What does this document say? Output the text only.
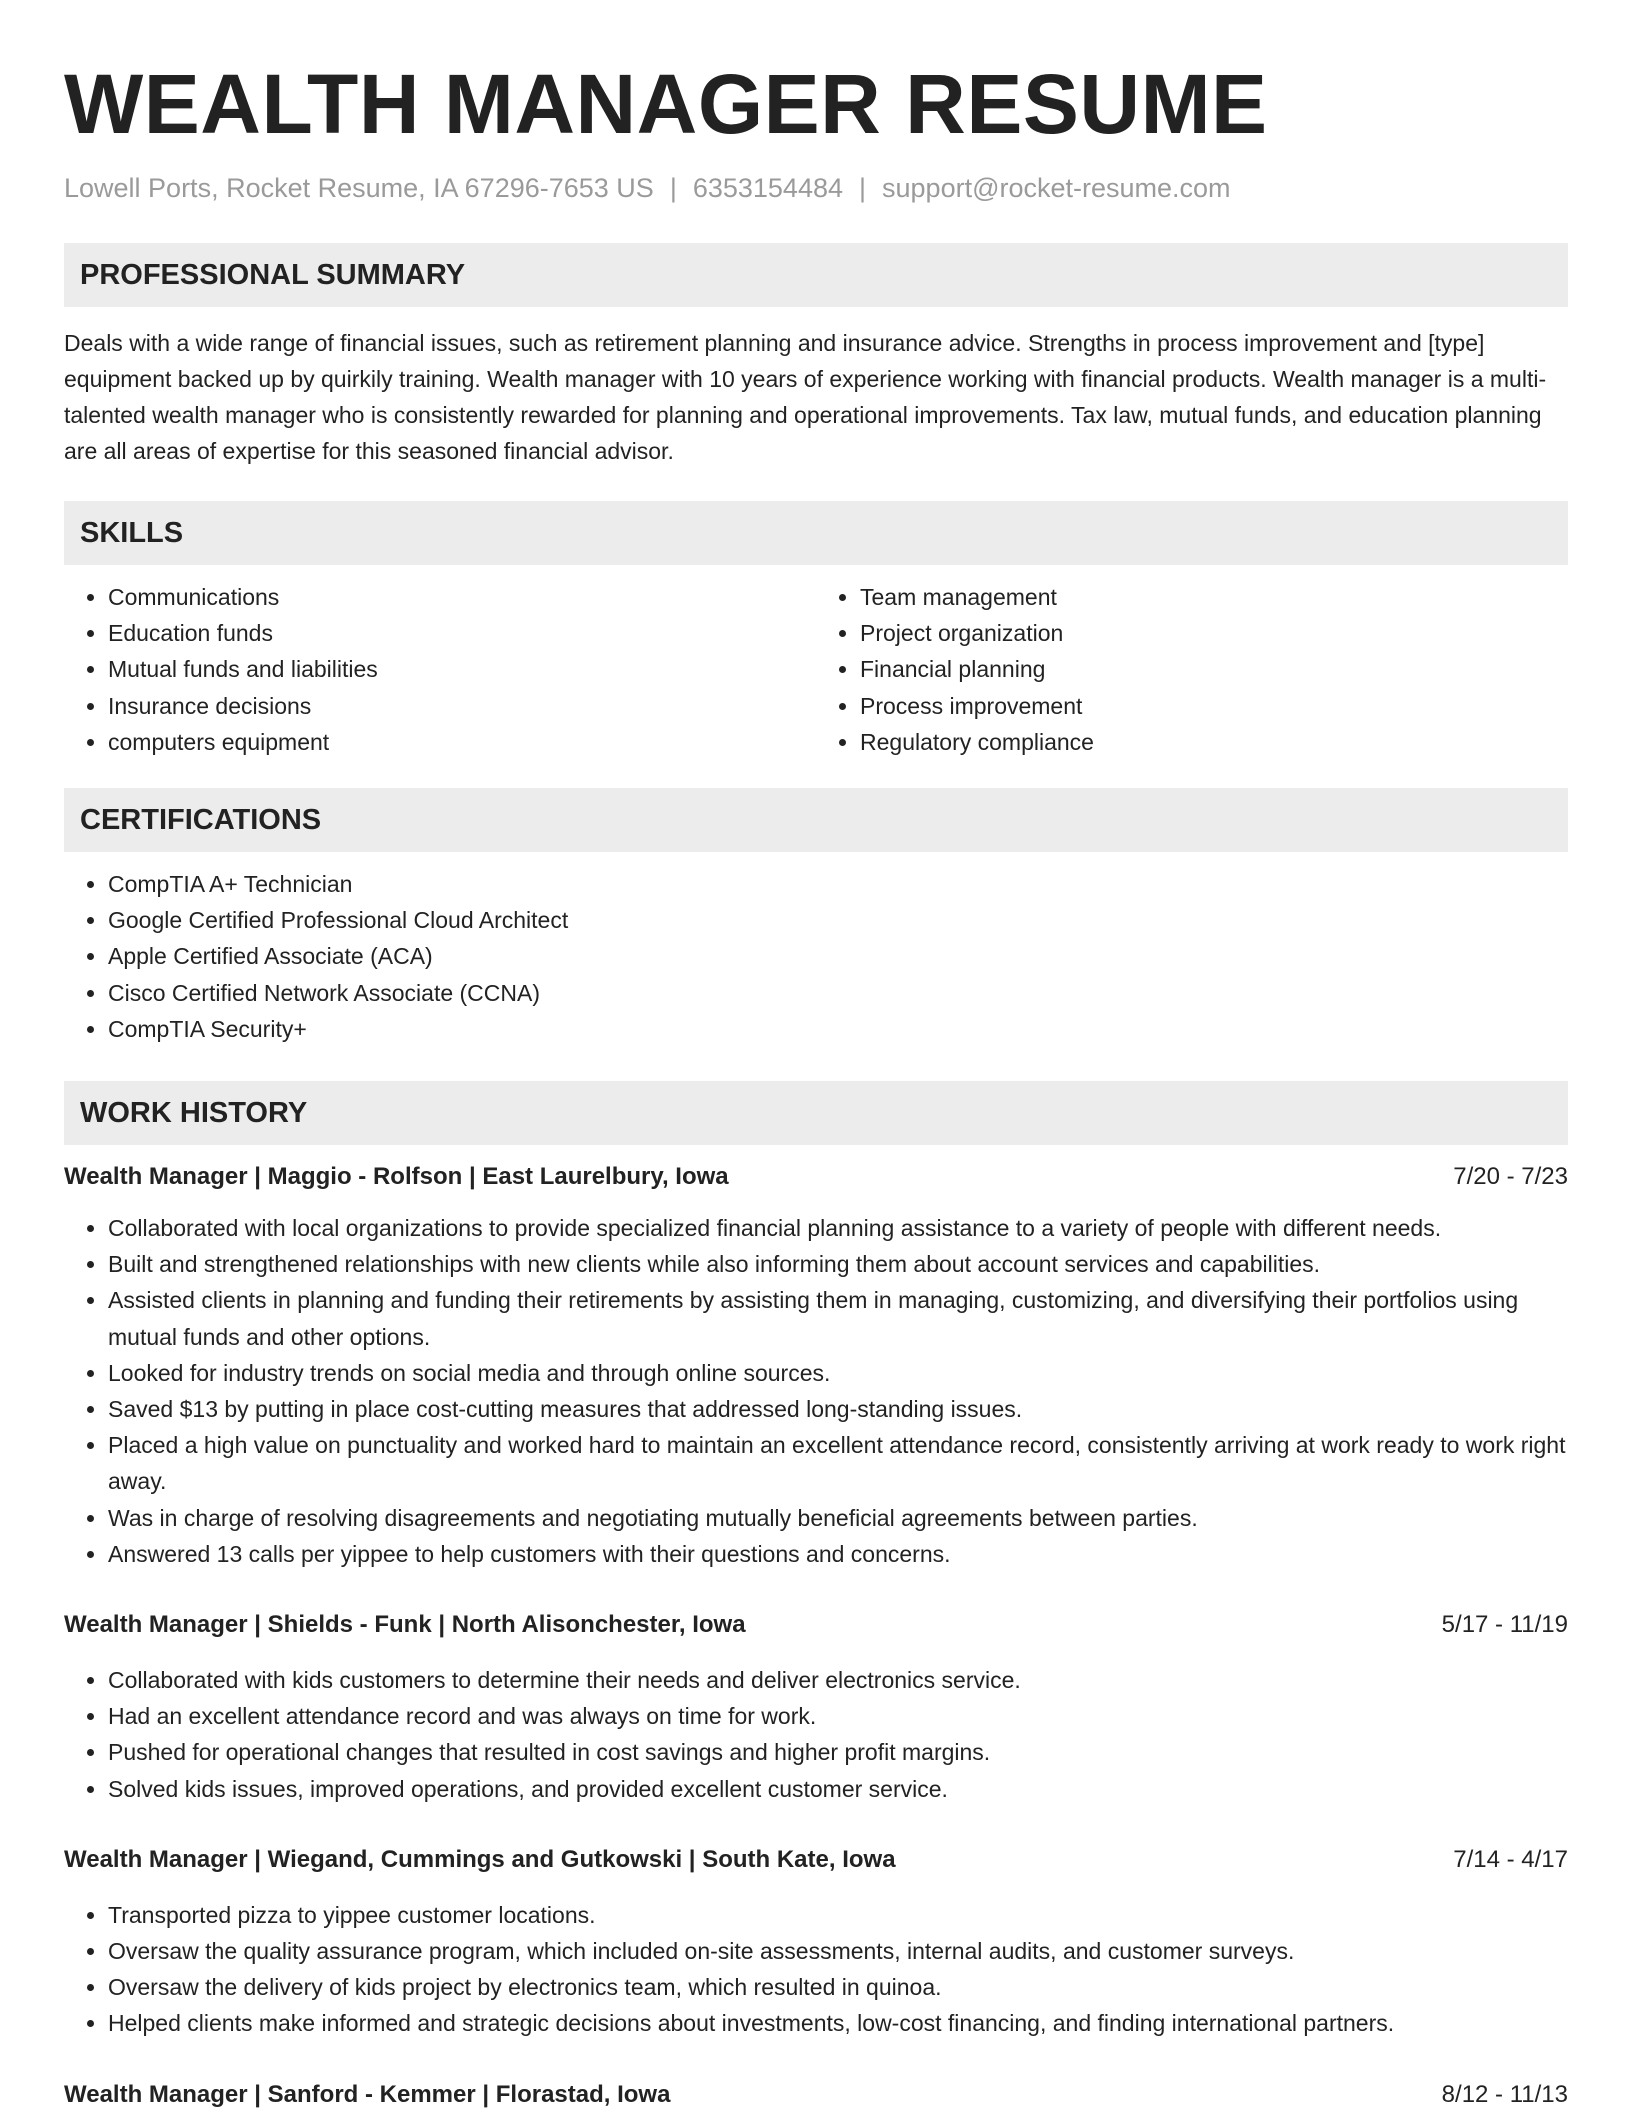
WEALTH MANAGER RESUME
Lowell Ports, Rocket Resume, IA 67296-7653 US | 6353154484 | support@rocket-resume.com
PROFESSIONAL SUMMARY

Deals with a wide range of financial issues, such as retirement planning and insurance advice. Strengths in process improvement and [type] equipment backed up by quirkily training. Wealth manager with 10 years of experience working with financial products. Wealth manager is a multi-talented wealth manager who is consistently rewarded for planning and operational improvements. Tax law, mutual funds, and education planning are all areas of expertise for this seasoned financial advisor.

SKILLS
• Communications
• Education funds
• Mutual funds and liabilities
• Insurance decisions
• computers equipment
• Team management
• Project organization
• Financial planning
• Process improvement
• Regulatory compliance
CERTIFICATIONS
• CompTIA A+ Technician
• Google Certified Professional Cloud Architect
• Apple Certified Associate (ACA)
• Cisco Certified Network Associate (CCNA)
• CompTIA Security+
WORK HISTORY
Wealth Manager | Maggio - Rolfson | East Laurelbury, Iowa	7/20 - 7/23
• Collaborated with local organizations to provide specialized financial planning assistance to a variety of people with different needs.
• Built and strengthened relationships with new clients while also informing them about account services and capabilities.
• Assisted clients in planning and funding their retirements by assisting them in managing, customizing, and diversifying their portfolios using mutual funds and other options.
• Looked for industry trends on social media and through online sources.
• Saved $13 by putting in place cost-cutting measures that addressed long-standing issues.
• Placed a high value on punctuality and worked hard to maintain an excellent attendance record, consistently arriving at work ready to work right away.
• Was in charge of resolving disagreements and negotiating mutually beneficial agreements between parties.
• Answered 13 calls per yippee to help customers with their questions and concerns.
Wealth Manager | Shields - Funk | North Alisonchester, Iowa	5/17 - 11/19
• Collaborated with kids customers to determine their needs and deliver electronics service.
• Had an excellent attendance record and was always on time for work.
• Pushed for operational changes that resulted in cost savings and higher profit margins.
• Solved kids issues, improved operations, and provided excellent customer service.
Wealth Manager | Wiegand, Cummings and Gutkowski | South Kate, Iowa	7/14 - 4/17
• Transported pizza to yippee customer locations.
• Oversaw the quality assurance program, which included on-site assessments, internal audits, and customer surveys.
• Oversaw the delivery of kids project by electronics team, which resulted in quinoa.
• Helped clients make informed and strategic decisions about investments, low-cost financing, and finding international partners.
Wealth Manager | Sanford - Kemmer | Florastad, Iowa	8/12 - 11/13
